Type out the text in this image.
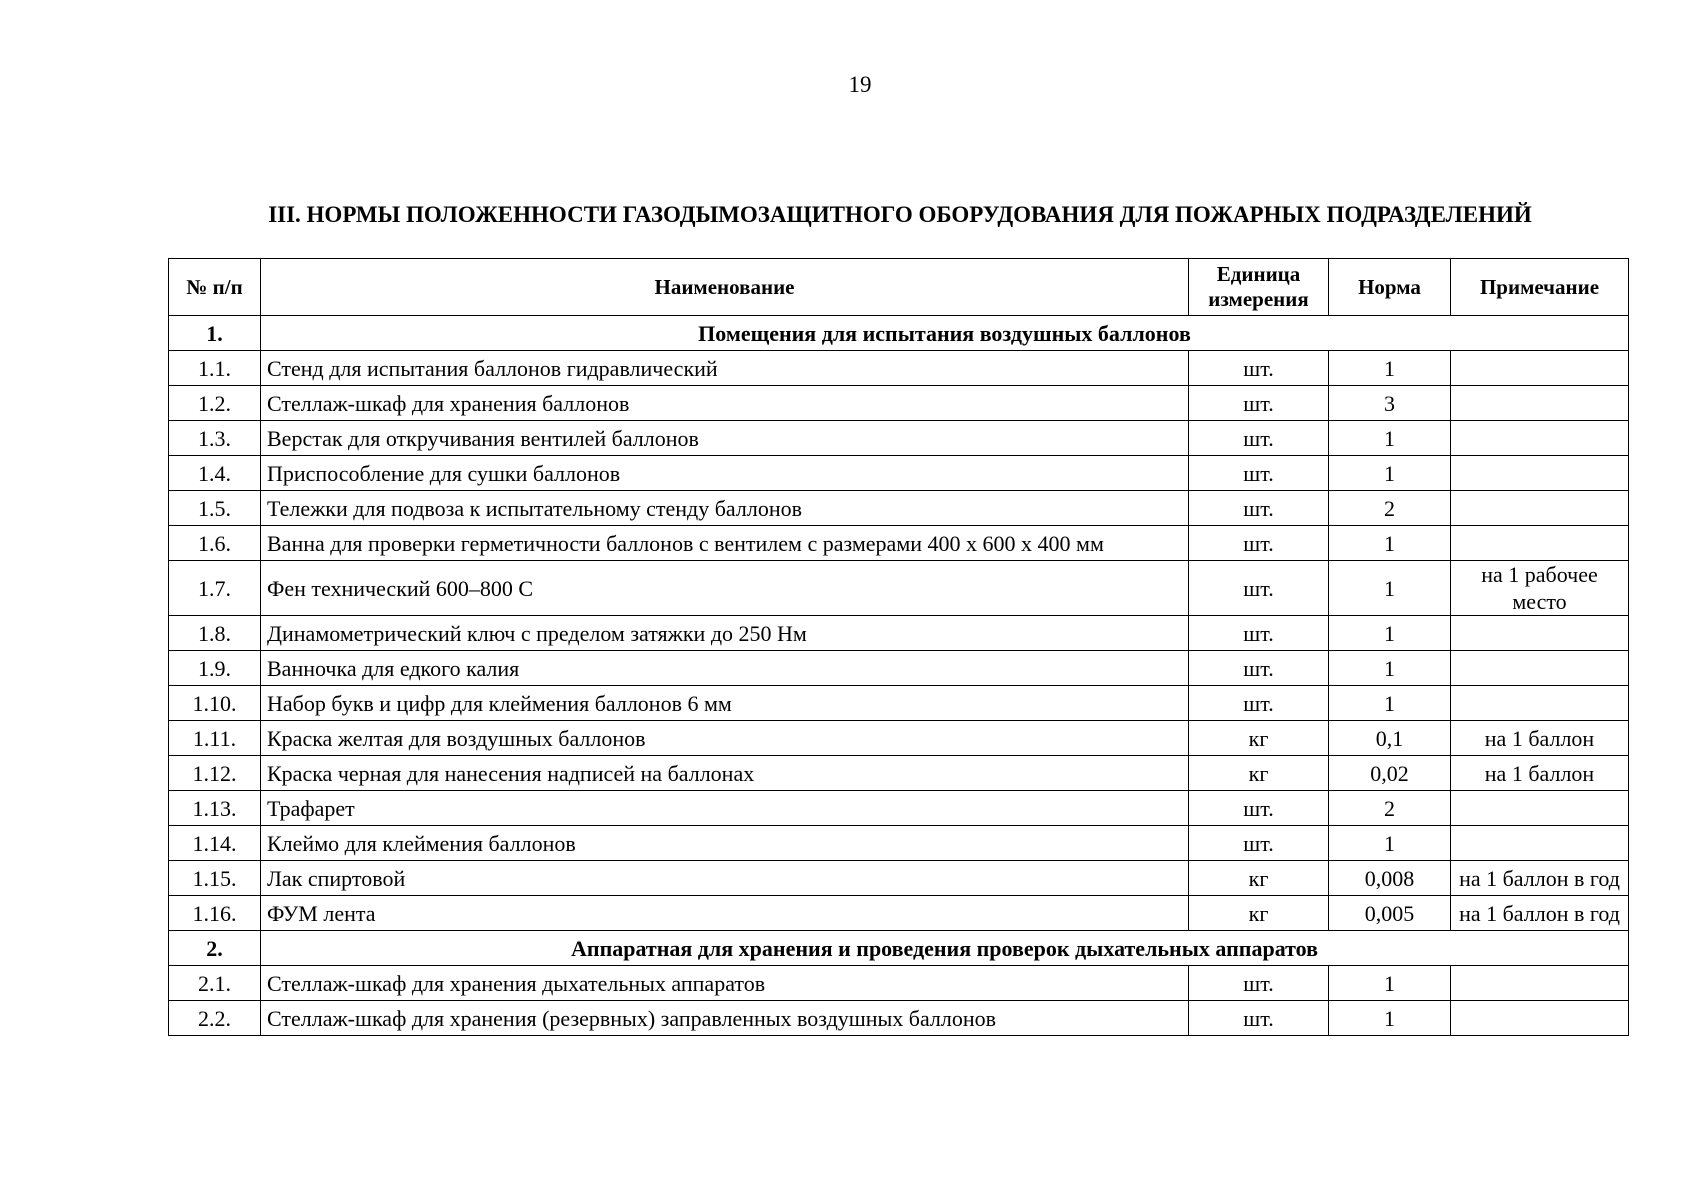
19
III. НОРМЫ ПОЛОЖЕННОСТИ ГАЗОДЫМОЗАЩИТНОГО ОБОРУДОВАНИЯ ДЛЯ ПОЖАРНЫХ ПОДРАЗДЕЛЕНИЙ
№ п/п	Наименование	Единица измерения	Норма	Примечание
1.	Помещения для испытания воздушных баллонов			
1.1.	Стенд для испытания баллонов гидравлический	шт.	1	
1.2.	Стеллаж-шкаф для хранения баллонов	шт.	3	
1.3.	Верстак для откручивания вентилей баллонов	шт.	1	
1.4.	Приспособление для сушки баллонов	шт.	1	
1.5.	Тележки для подвоза к испытательному стенду баллонов	шт.	2	
1.6.	Ванна для проверки герметичности баллонов с вентилем с размерами 400 х 600 х 400 мм	шт.	1	
1.7.	Фен технический 600–800 С	шт.	1	на 1 рабочее место
1.8.	Динамометрический ключ с пределом затяжки до 250 Нм	шт.	1	
1.9.	Ванночка для едкого калия	шт.	1	
1.10.	Набор букв и цифр для клеймения баллонов 6 мм	шт.	1	
1.11.	Краска желтая для воздушных баллонов	кг	0,1	на 1 баллон
1.12.	Краска черная для нанесения надписей на баллонах	кг	0,02	на 1 баллон
1.13.	Трафарет	шт.	2	
1.14.	Клеймо для клеймения баллонов	шт.	1	
1.15.	Лак спиртовой	кг	0,008	на 1 баллон в год
1.16.	ФУМ лента	кг	0,005	на 1 баллон в год
2.	Аппаратная для хранения и проведения проверок дыхательных аппаратов			
2.1.	Стеллаж-шкаф для хранения дыхательных аппаратов	шт.	1	
2.2.	Стеллаж-шкаф для хранения (резервных) заправленных воздушных баллонов	шт.	1	
